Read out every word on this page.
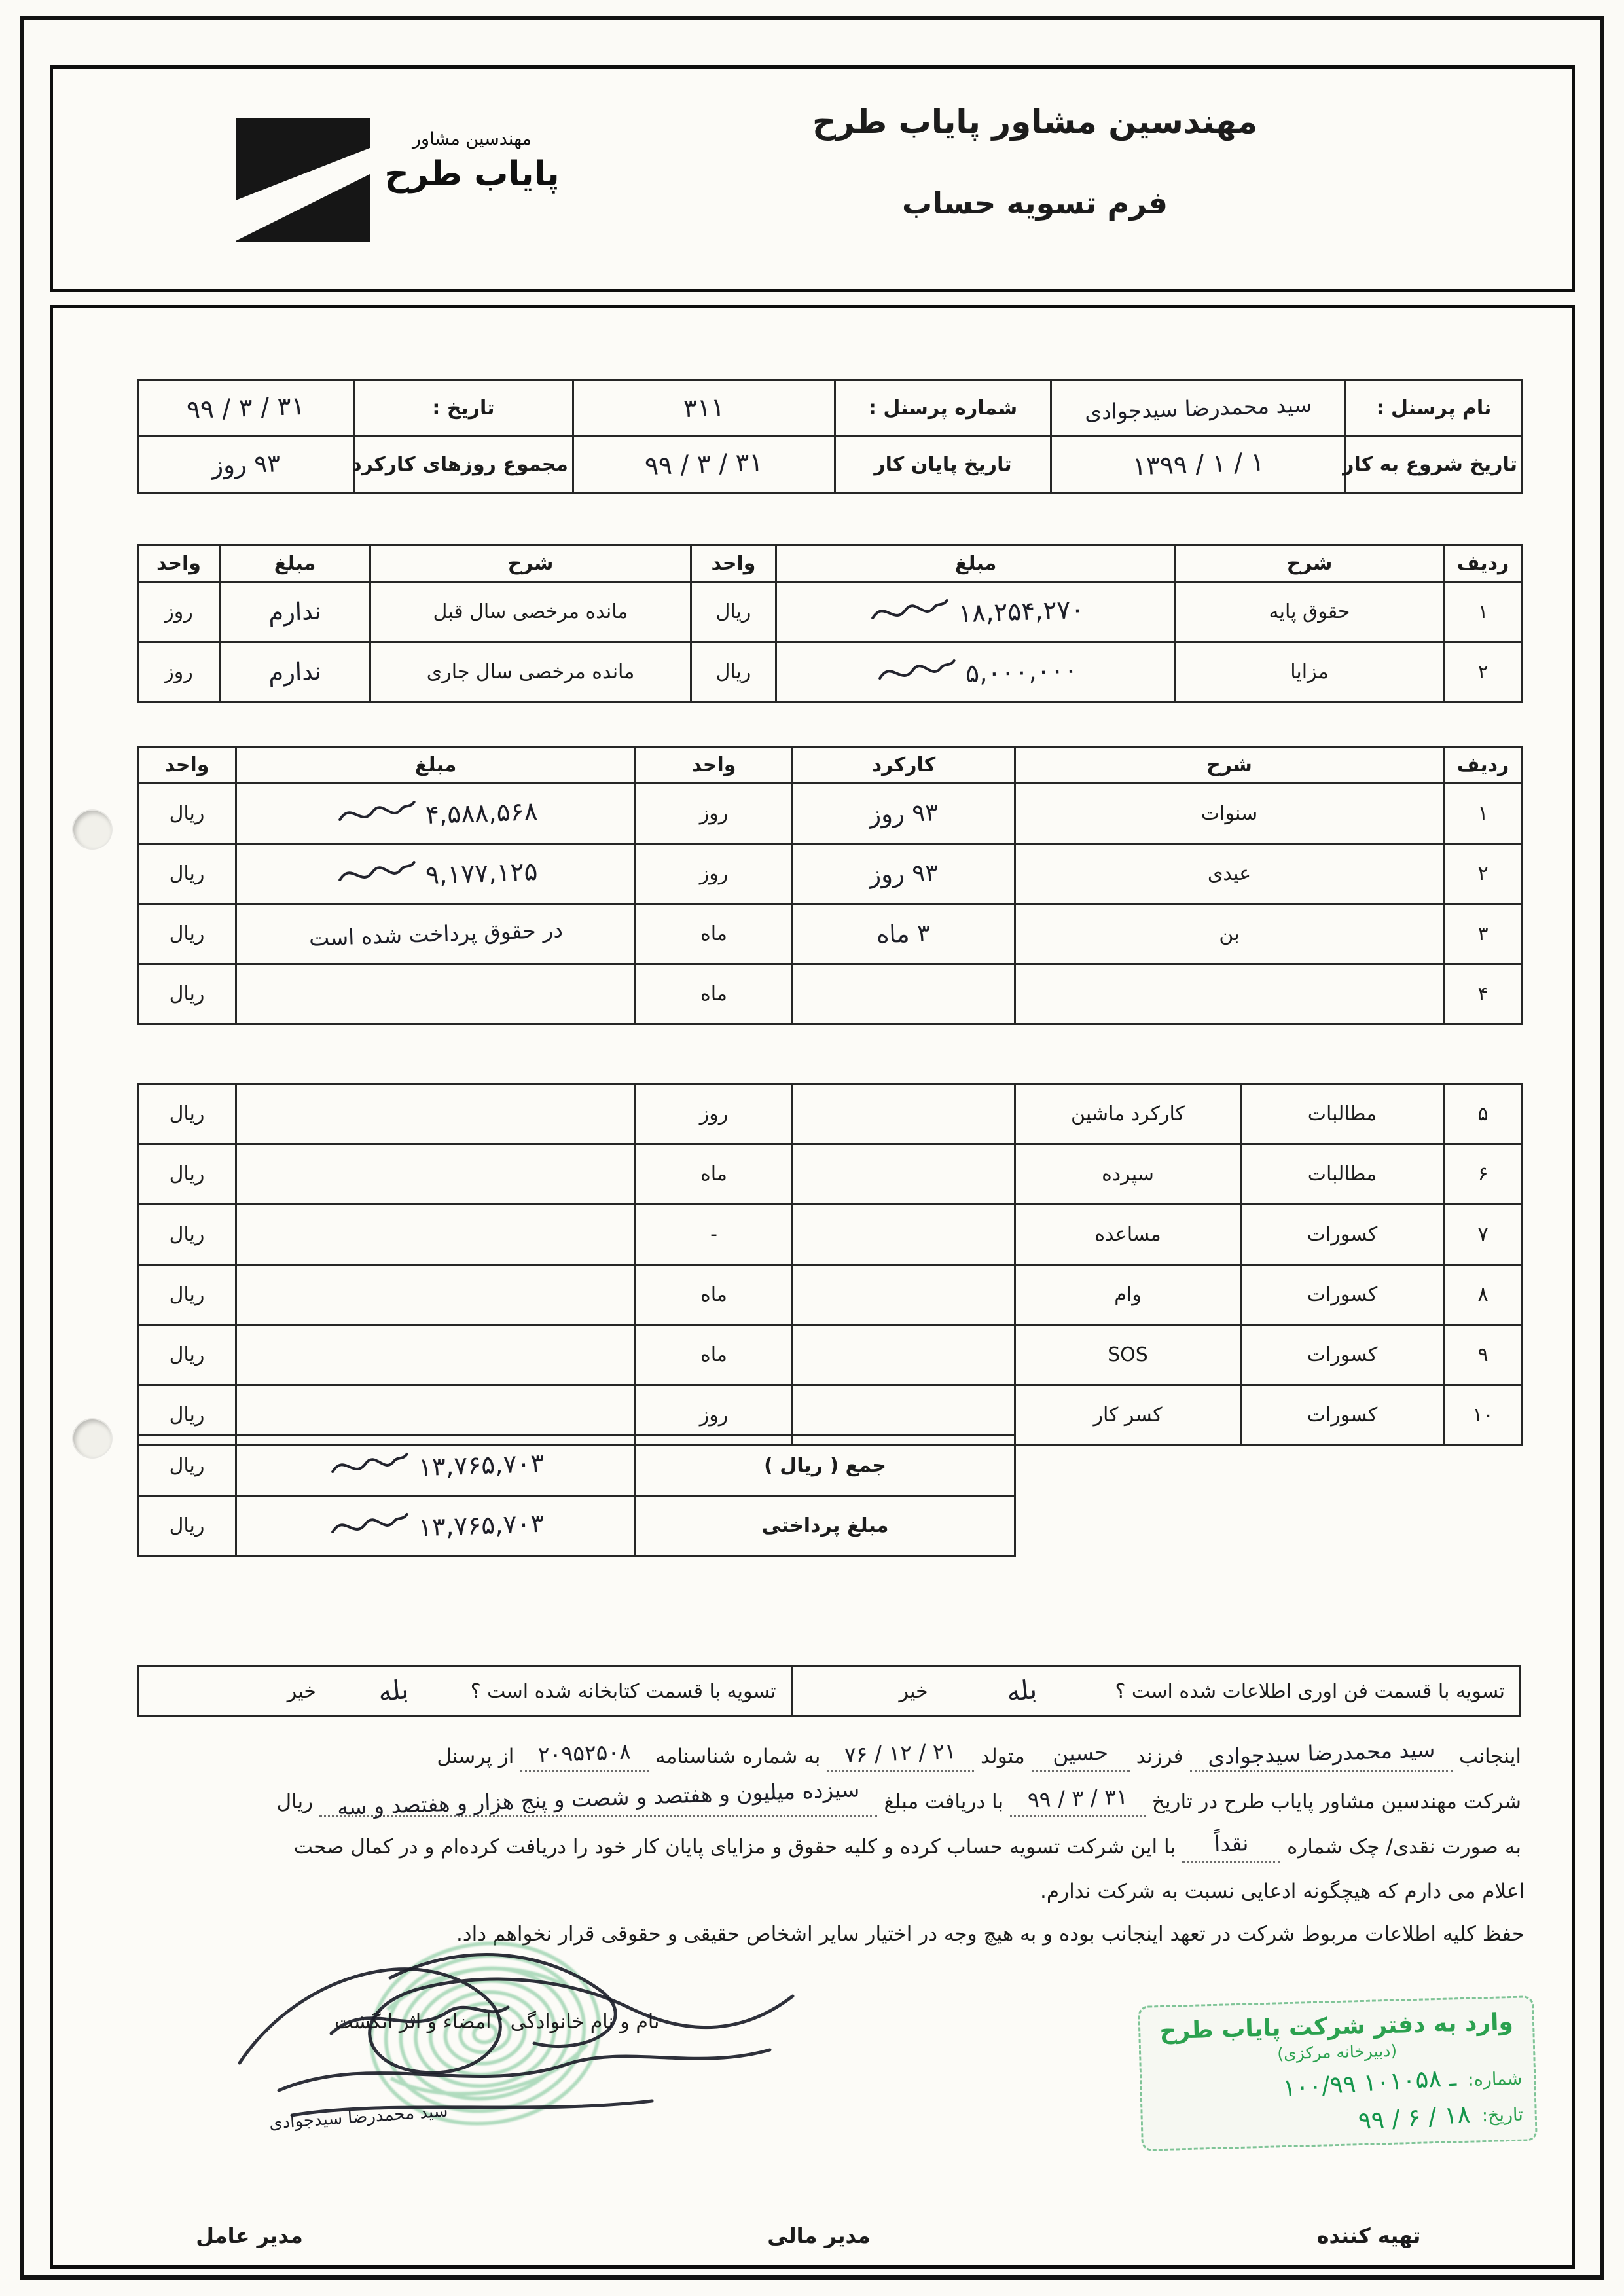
مهندسین مشاور
پایاب طرح
مهندسین مشاور پایاب طرح
فرم تسویه حساب
نام پرسنل :	سید محمدرضا سیدجوادی	شماره پرسنل :	۳۱۱	تاریخ :	۹۹ / ۳ / ۳۱
تاریخ شروع به کار	۱۳۹۹ / ۱ / ۱	تاریخ پایان کار	۹۹ / ۳ / ۳۱	مجموع روزهای کارکرد	۹۳ روز
ردیف	شرح	مبلغ	واحد	شرح	مبلغ	واحد
۱	حقوق پایه	۱۸,۲۵۴,۲۷۰	ریال	مانده مرخصی سال قبل	ندارم	روز
۲	مزایا	۵,۰۰۰,۰۰۰	ریال	مانده مرخصی سال جاری	ندارم	روز
ردیف	شرح	کارکرد	واحد	مبلغ	واحد
۱	سنوات	۹۳ روز	روز	۴,۵۸۸,۵۶۸	ریال
۲	عیدی	۹۳ روز	روز	۹,۱۷۷,۱۲۵	ریال
۳	بن	۳ ماه	ماه	در حقوق پرداخت شده است	ریال
۴			ماه		ریال
۵	مطالبات	کارکرد ماشین		روز		ریال
۶	مطالبات	سپرده		ماه		ریال
۷	کسورات	مساعده		-		ریال
۸	کسورات	وام		ماه		ریال
۹	کسورات	SOS		ماه		ریال
۱۰	کسورات	کسر کار		روز		ریال
جمع ( ریال )	۱۳,۷۶۵,۷۰۳	ریال
مبلغ پرداختی	۱۳,۷۶۵,۷۰۳	ریال
تسویه با قسمت فن اوری اطلاعات شده است ؟
بله
خیر
تسویه با قسمت کتابخانه شده است ؟
بله
خیر

اینجانبسید محمدرضا سیدجوادیفرزندحسینمتولد۷۶ / ۱۲ / ۲۱به شماره شناسنامه۲۰۹۵۲۵۰۸از پرسنل

شرکت مهندسین مشاور پایاب طرح در تاریخ۹۹ / ۳ / ۳۱با دریافت مبلغسیزده میلیون و هفتصد و شصت و پنج هزار و هفتصد و سهریال

به صورت نقدی/ چک شمارهنقداًبا این شرکت تسویه حساب کرده و کلیه حقوق و مزایای پایان کار خود را دریافت کرده‌ام و در کمال صحت

اعلام می دارم که هیچگونه ادعایی نسبت به شرکت ندارم.

حفظ کلیه اطلاعات مربوط شرکت در تعهد اینجانب بوده و به هیچ وجه در اختیار سایر اشخاص حقیقی و حقوقی قرار نخواهم داد.

نام و نام خانوادگی : امضاء و اثر انگشت
سید محمدرضا سیدجوادی
وارد به دفتر شرکت پایاب طرح
(دبیرخانه مرکزی)
شماره:
۱۰۰/۹۹ ـ ۱۰۱۰۵۸
تاریخ:
۹۹ / ۶ / ۱۸
تهیه کننده
مدیر مالی
مدیر عامل
